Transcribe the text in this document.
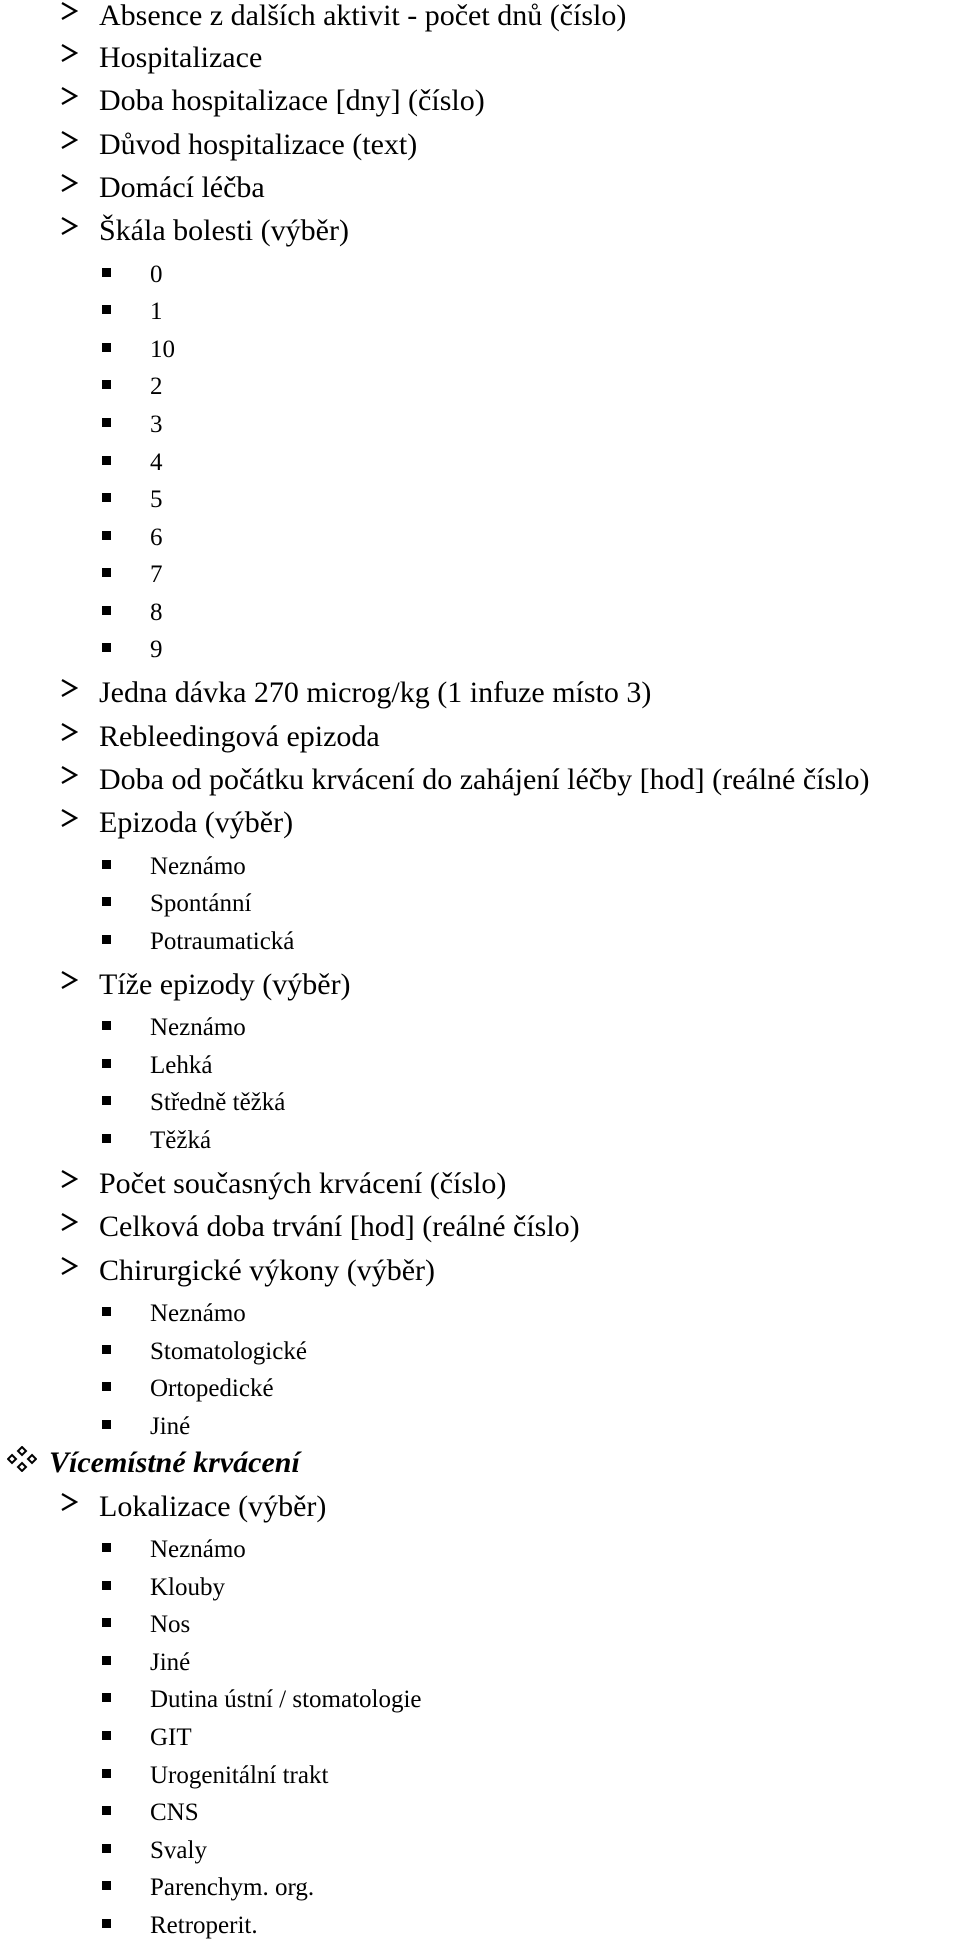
Absence z dalších aktivit - počet dnů (číslo)
Hospitalizace
Doba hospitalizace [dny] (číslo)
Důvod hospitalizace (text)
Domácí léčba
Škála bolesti (výběr)
0
1
10
2
3
4
5
6
7
8
9
Jedna dávka 270 microg/kg (1 infuze místo 3)
Rebleedingová epizoda
Doba od počátku krvácení do zahájení léčby [hod] (reálné číslo)
Epizoda (výběr)
Neznámo
Spontánní
Potraumatická
Tíže epizody (výběr)
Neznámo
Lehká
Středně těžká
Těžká
Počet současných krvácení (číslo)
Celková doba trvání [hod] (reálné číslo)
Chirurgické výkony (výběr)
Neznámo
Stomatologické
Ortopedické
Jiné
Vícemístné krvácení
Lokalizace (výběr)
Neznámo
Klouby
Nos
Jiné
Dutina ústní / stomatologie
GIT
Urogenitální trakt
CNS
Svaly
Parenchym. org.
Retroperit.
